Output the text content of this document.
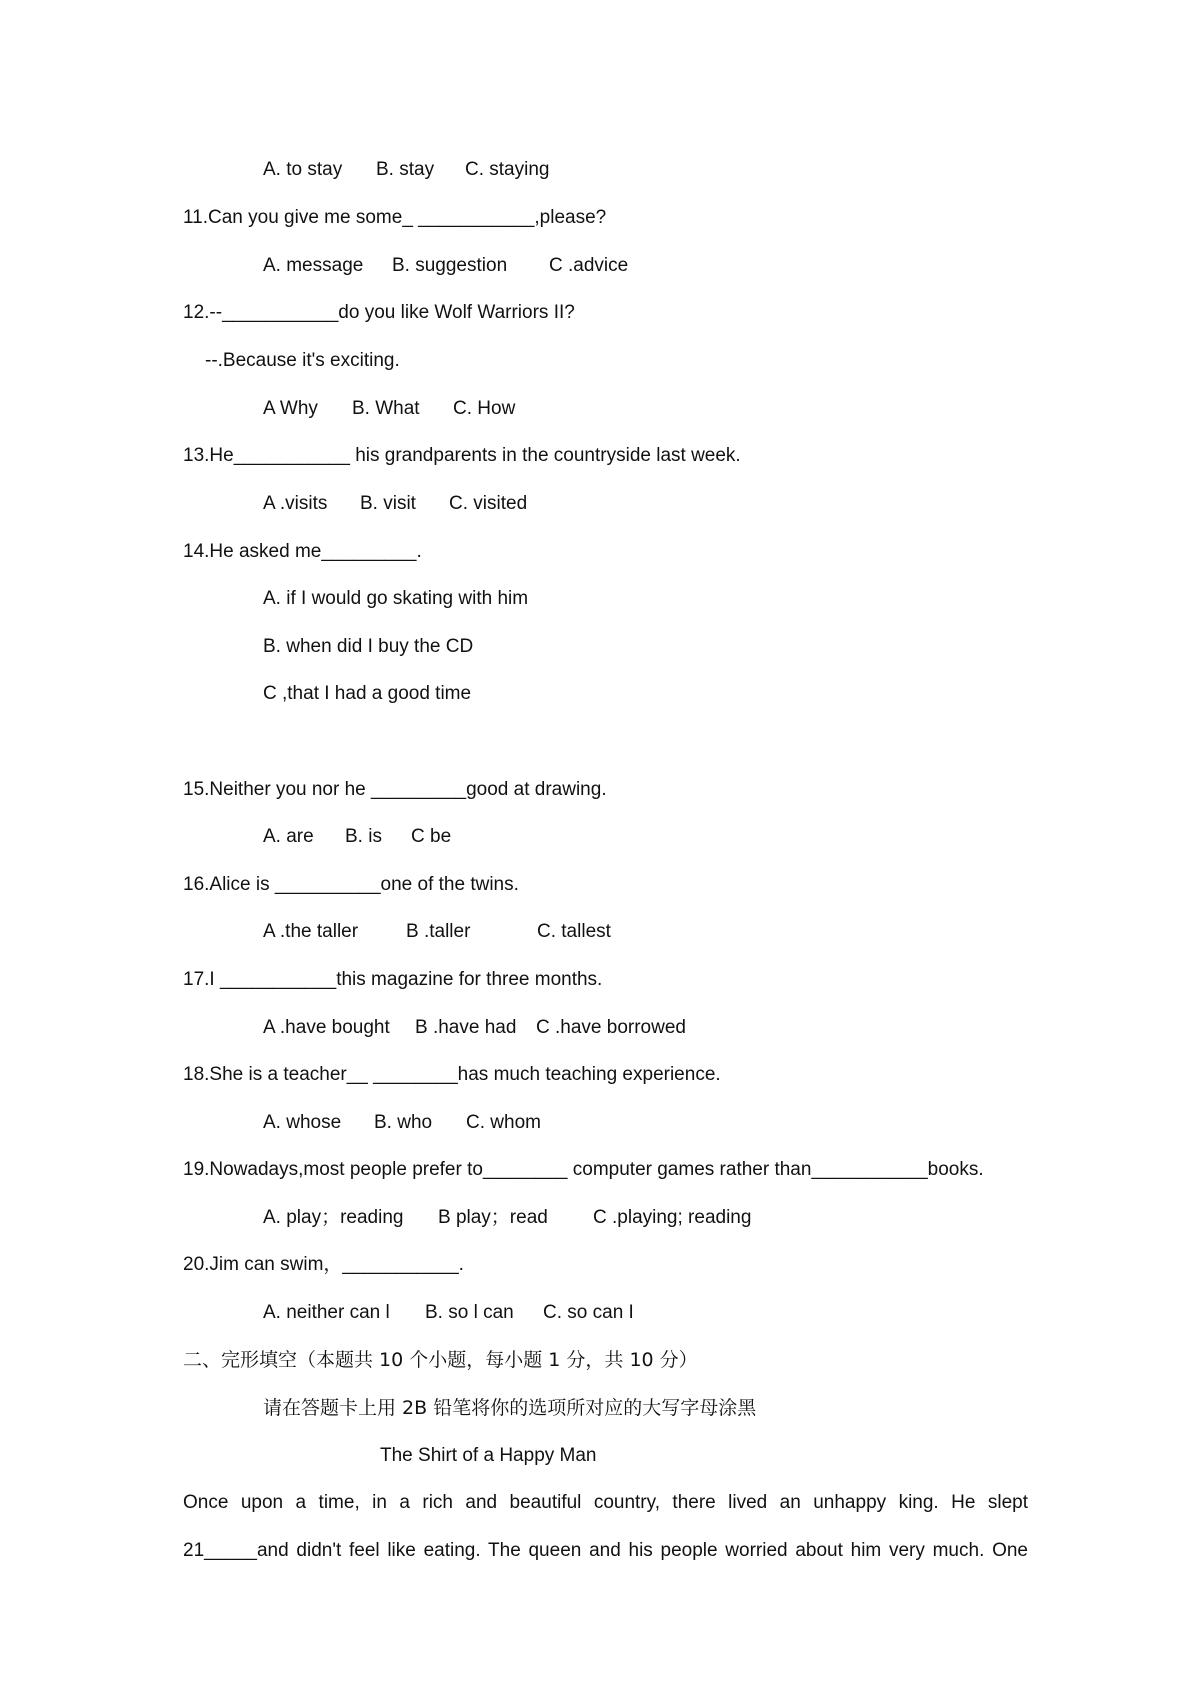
A. to stay	B. stay	C. staying
11.Can you give me some_ ___________,please?
A. message	B. suggestion	C .advice
12.--___________do you like Wolf Warriors II?
--.Because it's exciting.
A Why	B. What	C. How
13.He___________ his grandparents in the countryside last week.
A .visits	B. visit	C. visited
14.He asked me_________.
A. if I would go skating with him
B. when did I buy the CD
C ,that I had a good time
15.Neither you nor he _________good at drawing.
A. are	B. is	C be
16.Alice is __________one of the twins.
A .the taller	B .taller	C. tallest
17.I ___________this magazine for three months.
A .have bought	B .have had	C .have borrowed
18.She is a teacher__ ________has much teaching experience.
A. whose	B. who	C. whom
19.Nowadays,most people prefer to________ computer games rather than___________books.
A. play；reading	B play；read	C .playing; reading
20.Jim can swim，___________.
A. neither can l	B. so l can	C. so can I
二、完形填空（本题共 10 个小题，每小题 1 分，共 10 分）
请在答题卡上用 2B 铅笔将你的选项所对应的大写字母涂黑
The Shirt of a Happy Man
Once upon a time, in a rich and beautiful country, there lived an unhappy king. He slept
21_____and didn't feel like eating. The queen and his people worried about him very much. One
